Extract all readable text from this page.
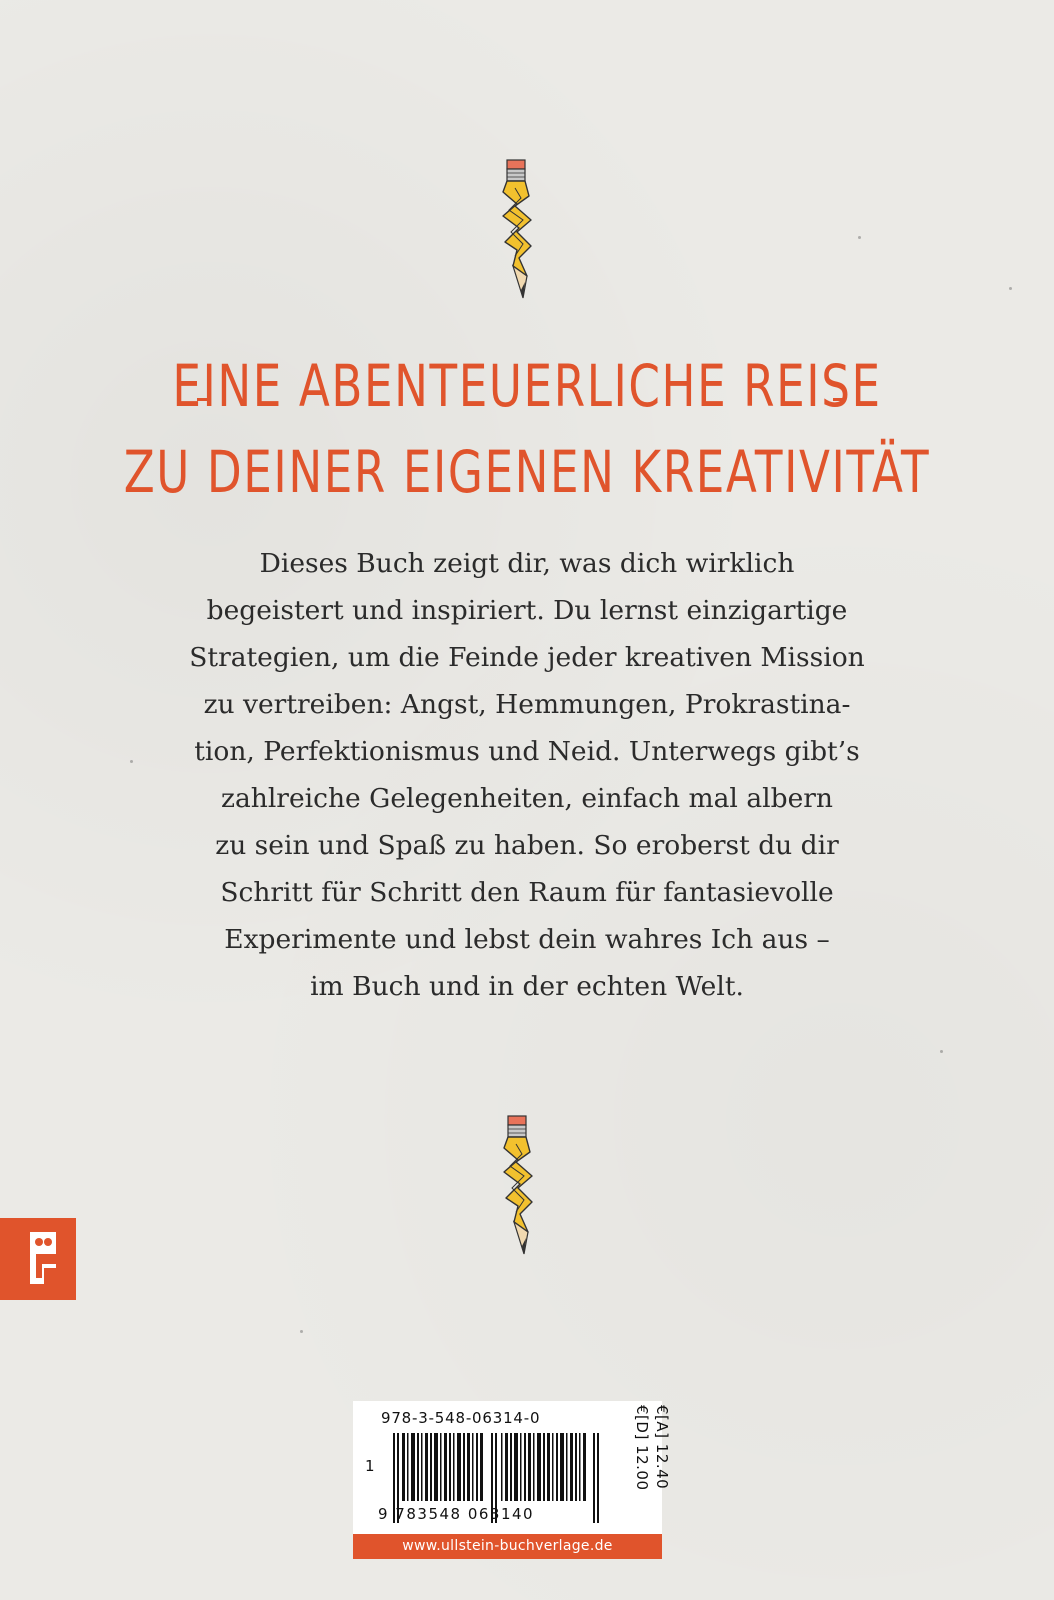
EINE ABENTEUERLICHE REISE
ZU DEINER EIGENEN KREATIVITÄT
Dieses Buch zeigt dir, was dich wirklich
begeistert und inspiriert. Du lernst einzigartige
Strategien, um die Feinde jeder kreativen Mission
zu vertreiben: Angst, Hemmungen, Prokrastina-
tion, Perfektionismus und Neid. Unterwegs gibt’s
zahlreiche Gelegenheiten, einfach mal albern
zu sein und Spaß zu haben. So eroberst du dir
Schritt für Schritt den Raum für fantasievolle
Experimente und lebst dein wahres Ich aus –
im Buch und in der echten Welt.
978-3-548-06314-0
1
9 783548 063140
€[D] 12.00 €[A] 12.40
www.ullstein-buchverlage.de
